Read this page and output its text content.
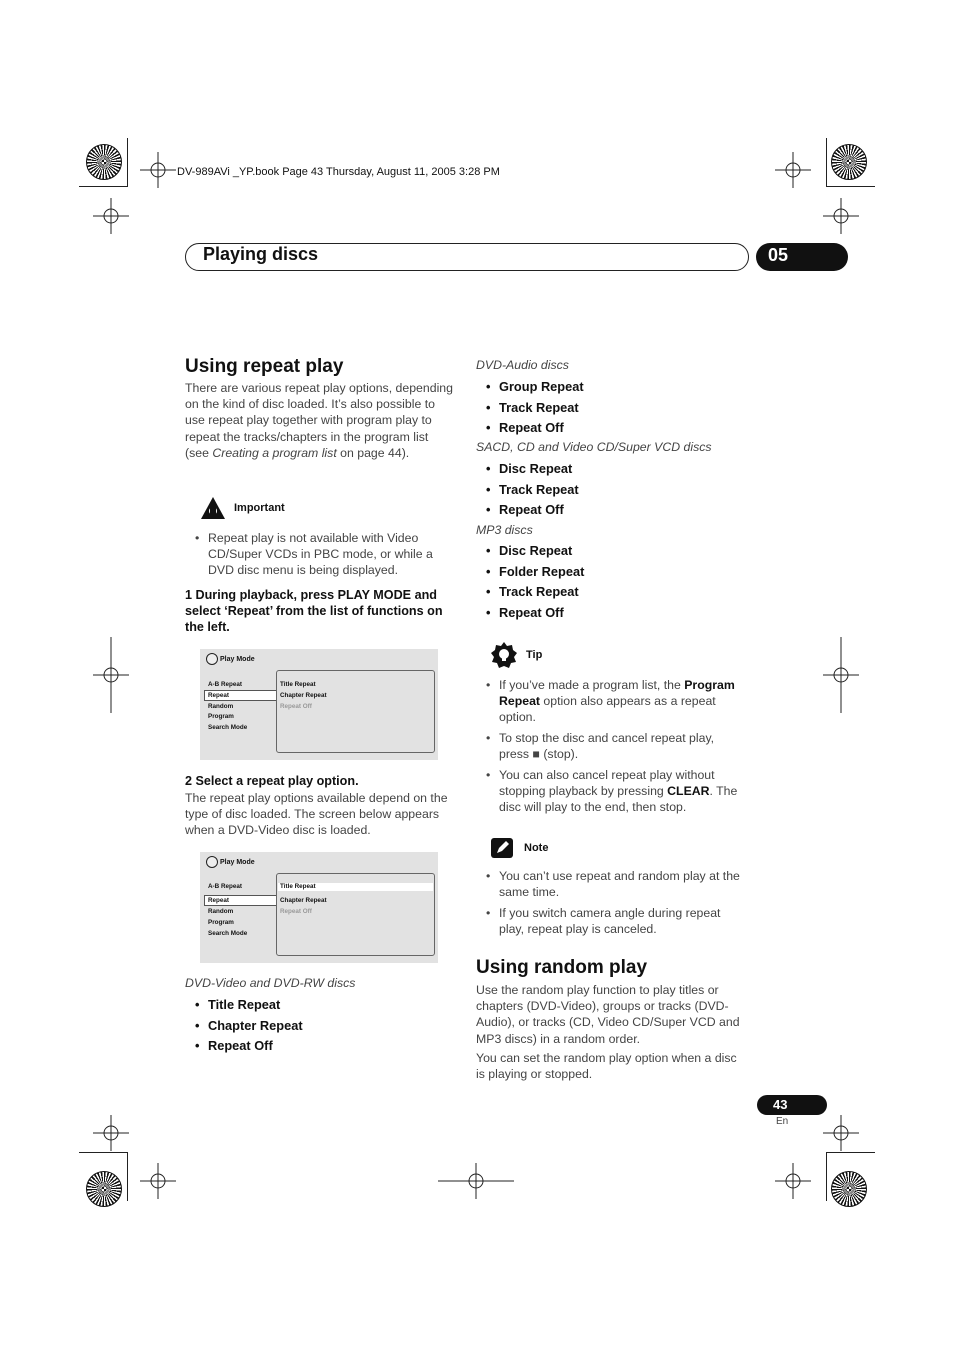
DV-989AVi _YP.book Page 43 Thursday, August 11, 2005 3:28 PM
Playing discs	05
Using repeat play
There are various repeat play options, depending on the kind of disc loaded. It’s also possible to use repeat play together with program play to repeat the tracks/chapters in the program list (see Creating a program list on page 44).
Important
• Repeat play is not available with Video CD/Super VCDs in PBC mode, or while a DVD disc menu is being displayed.
1 During playback, press PLAY MODE and select ‘Repeat’ from the list of functions on the left.
Play Mode
A-B Repeat
Repeat
Random
Program
Search Mode
Title Repeat
Chapter Repeat
Repeat Off
2 Select a repeat play option.
The repeat play options available depend on the type of disc loaded. The screen below appears when a DVD-Video disc is loaded.
Play Mode
A-B Repeat
Repeat
Random
Program
Search Mode
Title Repeat
Chapter Repeat
Repeat Off
DVD-Video and DVD-RW discs
• Title Repeat
• Chapter Repeat
• Repeat Off
DVD-Audio discs
• Group Repeat
• Track Repeat
• Repeat Off
SACD, CD and Video CD/Super VCD discs
• Disc Repeat
• Track Repeat
• Repeat Off
MP3 discs
• Disc Repeat
• Folder Repeat
• Track Repeat
• Repeat Off
Tip
• If you’ve made a program list, the Program Repeat option also appears as a repeat option.
• To stop the disc and cancel repeat play, press ■ (stop).
• You can also cancel repeat play without stopping playback by pressing CLEAR. The disc will play to the end, then stop.
Note
• You can’t use repeat and random play at the same time.
• If you switch camera angle during repeat play, repeat play is canceled.
Using random play
Use the random play function to play titles or chapters (DVD-Video), groups or tracks (DVD-Audio), or tracks (CD, Video CD/Super VCD and MP3 discs) in a random order.
You can set the random play option when a disc is playing or stopped.
43
En
